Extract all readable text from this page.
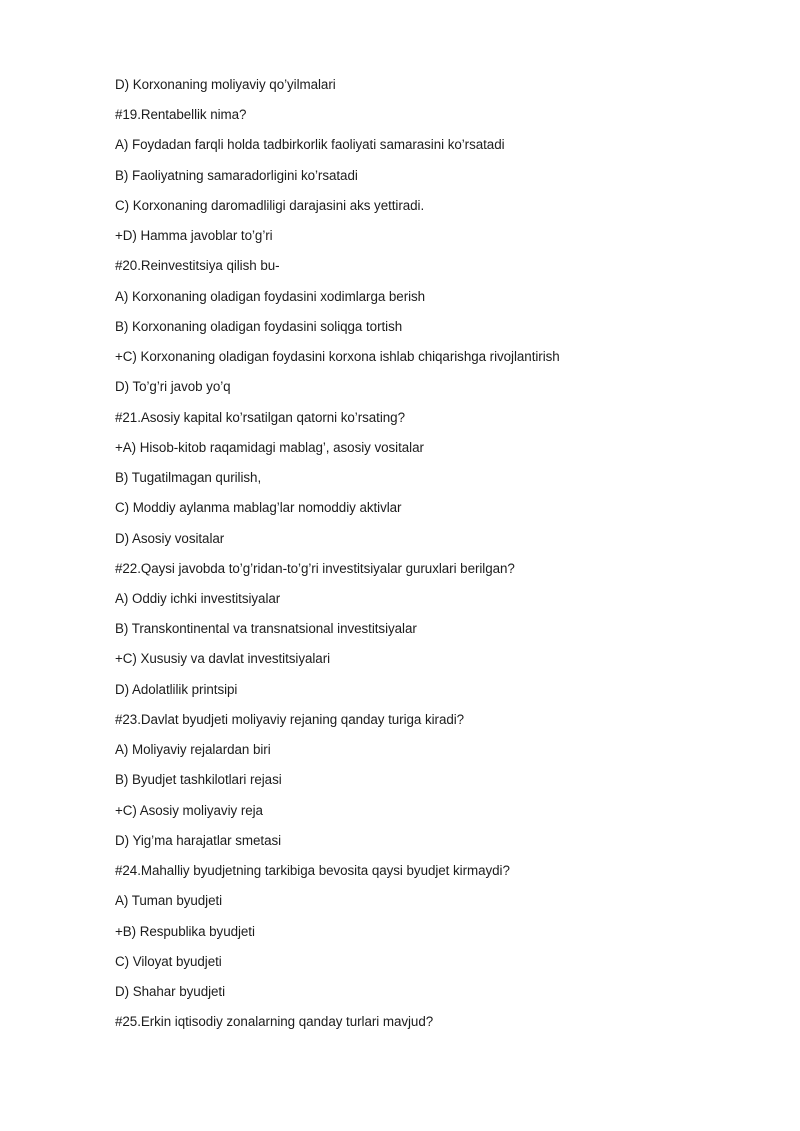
D) Korxonaning moliyaviy qo’yilmalari
#19.Rentabellik nima?
A) Foydadan farqli holda tadbirkorlik faoliyati samarasini ko’rsatadi
B) Faoliyatning samaradorligini ko’rsatadi
C) Korxonaning daromadliligi darajasini aks yettiradi.
+D) Hamma javoblar to’g’ri
#20.Reinvestitsiya qilish bu-
A) Korxonaning oladigan foydasini xodimlarga berish
B) Korxonaning oladigan foydasini soliqga tortish
+C) Korxonaning oladigan foydasini korxona ishlab chiqarishga rivojlantirish
D) To’g’ri javob yo’q
#21.Asosiy kapital ko’rsatilgan qatorni ko’rsating?
+A) Hisob-kitob raqamidagi mablag’, asosiy vositalar
B) Tugatilmagan qurilish,
C) Moddiy aylanma mablag’lar nomoddiy aktivlar
D) Asosiy vositalar
#22.Qaysi javobda to’g’ridan-to’g’ri investitsiyalar guruxlari berilgan?
A) Oddiy ichki investitsiyalar
B) Transkontinental va transnatsional investitsiyalar
+C) Xususiy va davlat investitsiyalari
D) Adolatlilik printsipi
#23.Davlat byudjeti moliyaviy rejaning qanday turiga kiradi?
A) Moliyaviy rejalardan biri
B) Byudjet tashkilotlari rejasi
+C) Asosiy moliyaviy reja
D) Yig’ma harajatlar smetasi
#24.Mahalliy byudjetning tarkibiga bevosita qaysi byudjet kirmaydi?
A) Tuman byudjeti
+B) Respublika byudjeti
C) Viloyat byudjeti
D) Shahar byudjeti
#25.Erkin iqtisodiy zonalarning qanday turlari mavjud?
